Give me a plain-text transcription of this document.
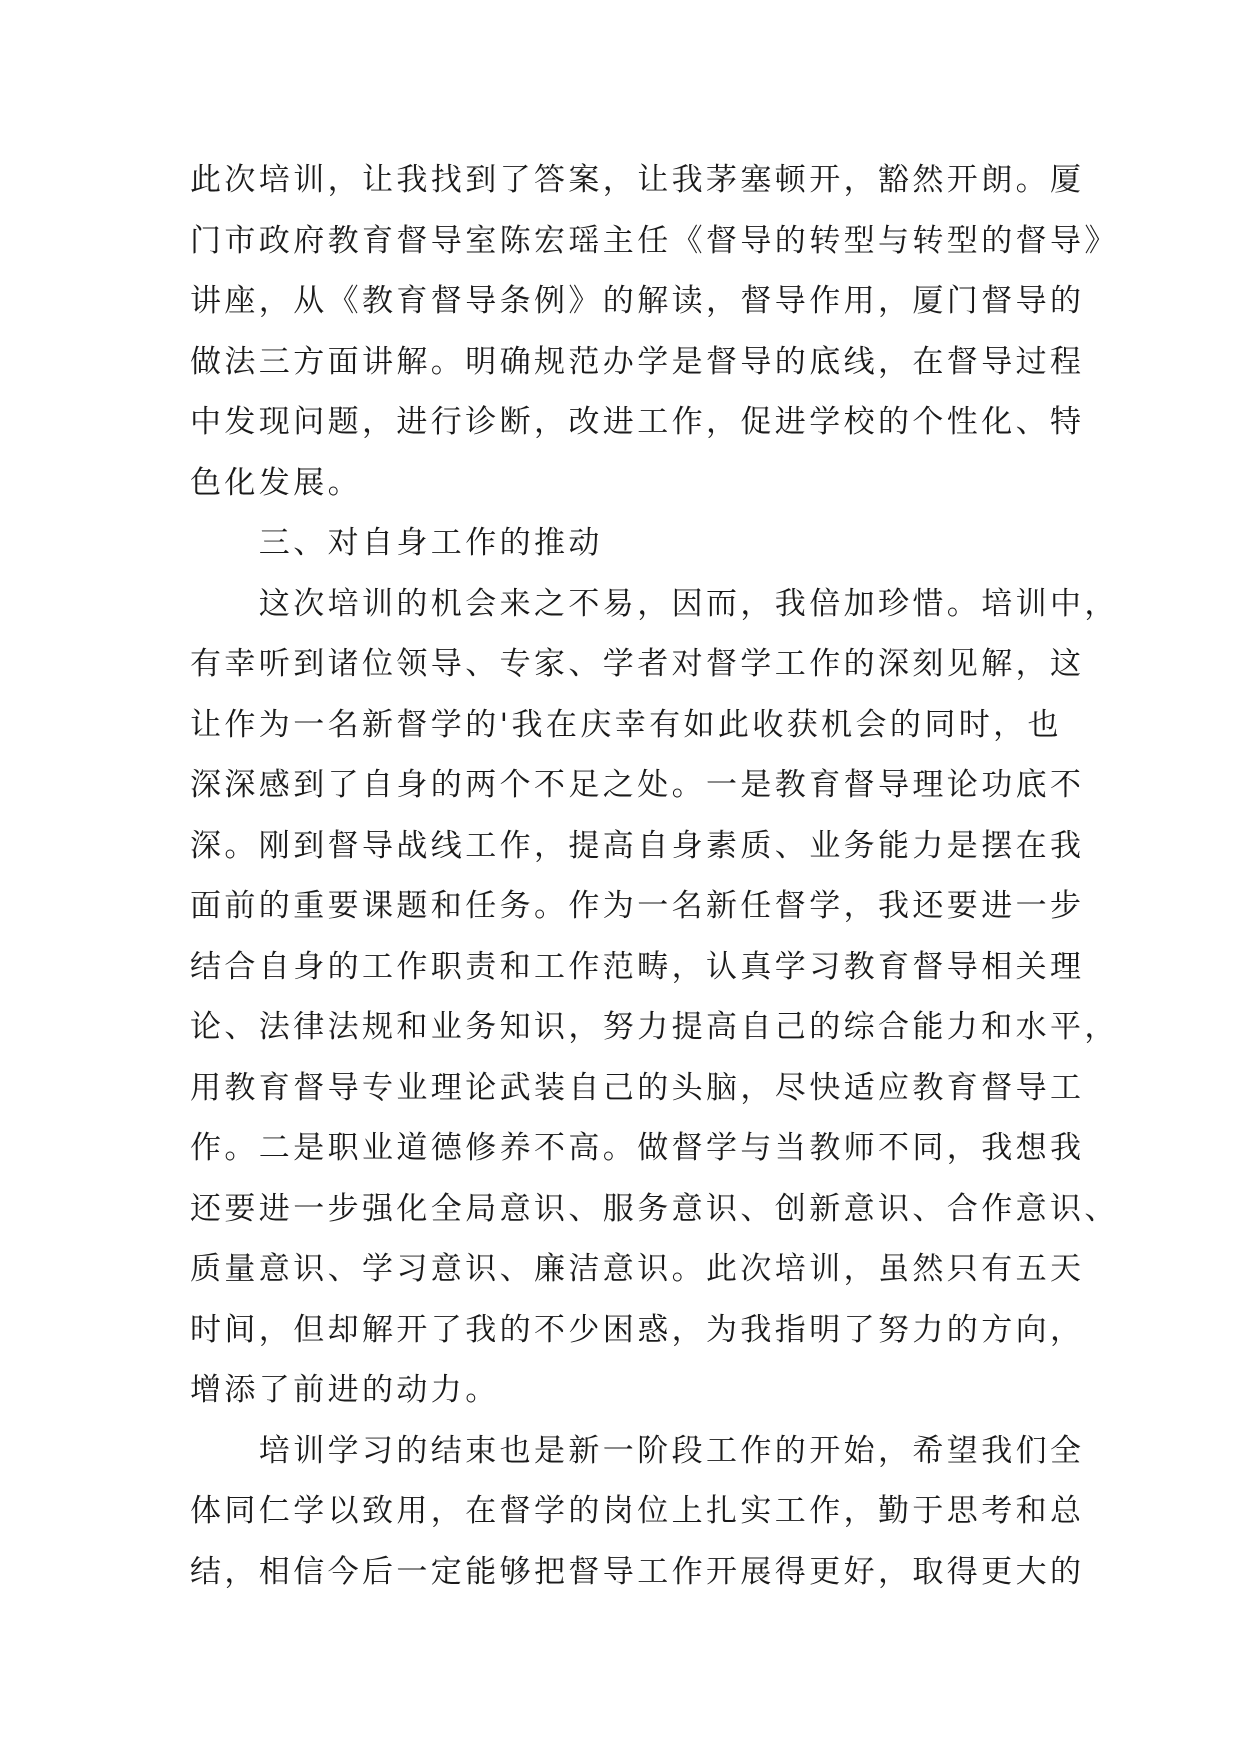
此次培训，让我找到了答案，让我茅塞顿开，豁然开朗。厦
门市政府教育督导室陈宏瑶主任《督导的转型与转型的督导》
讲座，从《教育督导条例》的解读，督导作用，厦门督导的
做法三方面讲解。明确规范办学是督导的底线，在督导过程
中发现问题，进行诊断，改进工作，促进学校的个性化、特
色化发展。
　　三、对自身工作的推动
　　这次培训的机会来之不易，因而，我倍加珍惜。培训中，
有幸听到诸位领导、专家、学者对督学工作的深刻见解，这
让作为一名新督学的'我在庆幸有如此收获机会的同时，也
深深感到了自身的两个不足之处。一是教育督导理论功底不
深。刚到督导战线工作，提高自身素质、业务能力是摆在我
面前的重要课题和任务。作为一名新任督学，我还要进一步
结合自身的工作职责和工作范畴，认真学习教育督导相关理
论、法律法规和业务知识，努力提高自己的综合能力和水平，
用教育督导专业理论武装自己的头脑，尽快适应教育督导工
作。二是职业道德修养不高。做督学与当教师不同，我想我
还要进一步强化全局意识、服务意识、创新意识、合作意识、
质量意识、学习意识、廉洁意识。此次培训，虽然只有五天
时间，但却解开了我的不少困惑，为我指明了努力的方向，
增添了前进的动力。
　　培训学习的结束也是新一阶段工作的开始，希望我们全
体同仁学以致用，在督学的岗位上扎实工作，勤于思考和总
结，相信今后一定能够把督导工作开展得更好，取得更大的
